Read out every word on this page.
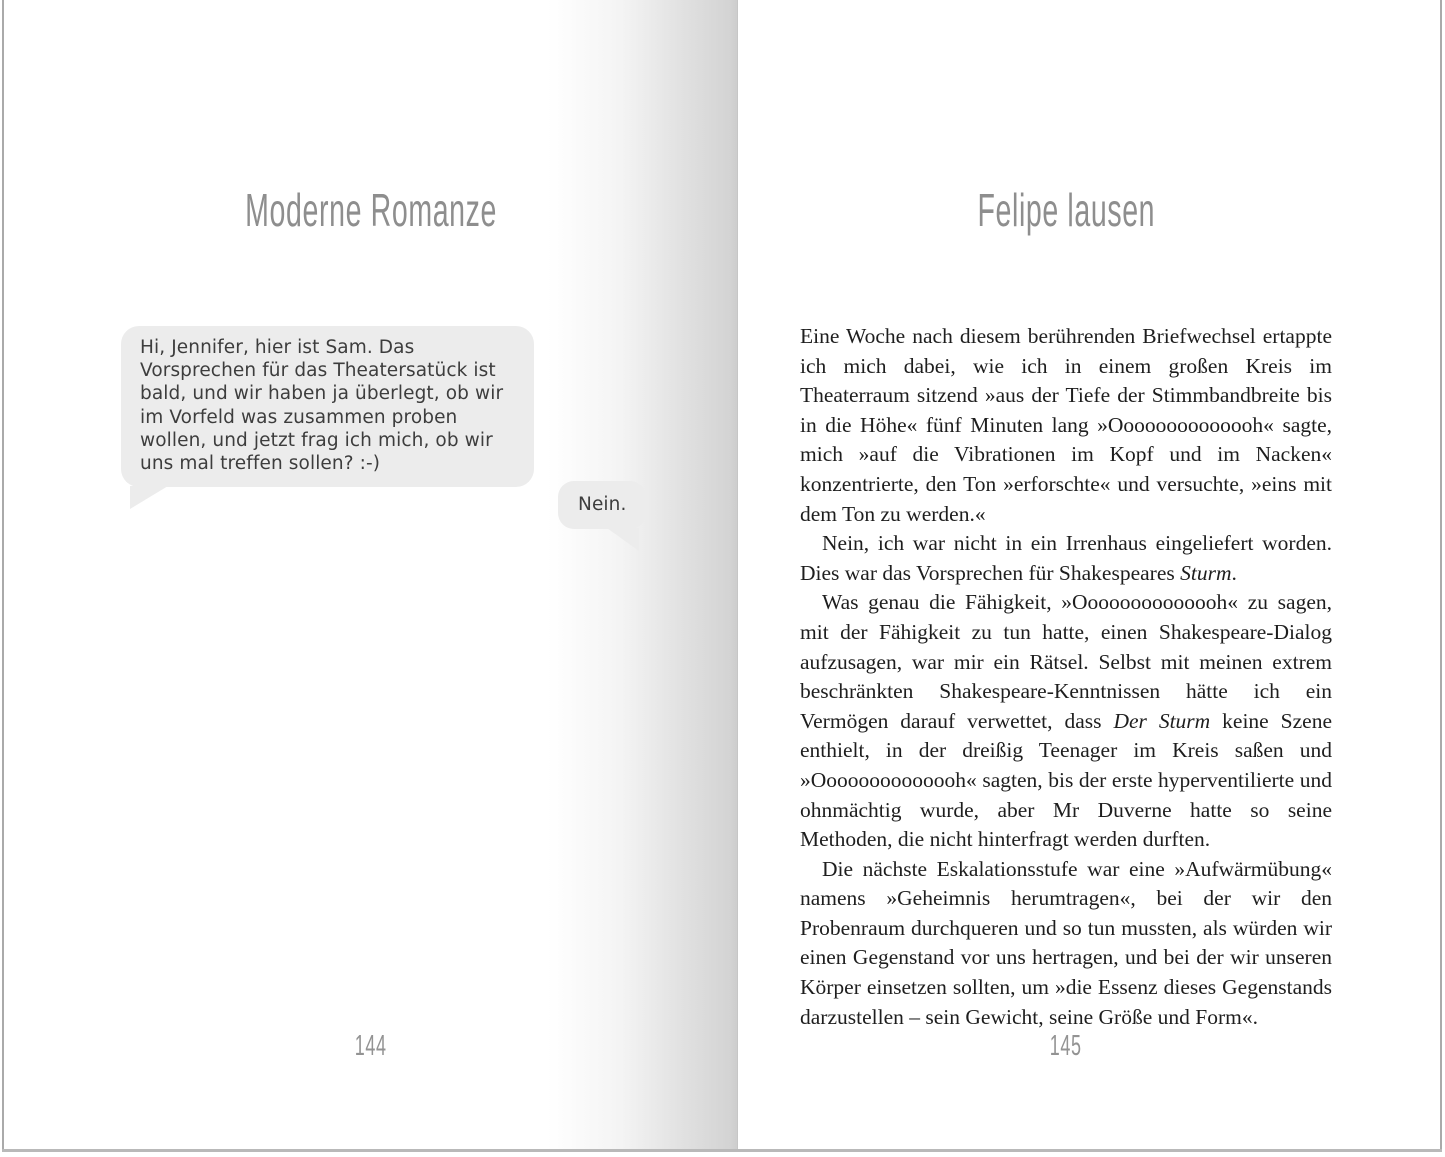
Moderne Romanze
Hi, Jennifer, hier ist Sam. Das Vorsprechen für das Theatersatück ist bald, und wir haben ja überlegt, ob wir im Vorfeld was zusammen proben wollen, und jetzt frag ich mich, ob wir uns mal treffen sollen? :-)
Nein.
144
Felipe lausen

Eine Woche nach diesem berührenden Briefwechsel ertappte ich mich dabei, wie ich in einem großen Kreis im Theaterraum sitzend »aus der Tiefe der Stimmbandbreite bis in die Höhe« fünf Minuten lang »Oooooooooooooh« sagte, mich »auf die Vibrationen im Kopf und im Nacken« konzentrierte, den Ton »erforschte« und versuchte, »eins mit dem Ton zu werden.«

Nein, ich war nicht in ein Irrenhaus eingeliefert worden. Dies war das Vorsprechen für Shakespeares Sturm.

Was genau die Fähigkeit, »Oooooooooooooh« zu sagen, mit der Fähigkeit zu tun hatte, einen Shakespeare-Dialog aufzusagen, war mir ein Rätsel. Selbst mit meinen extrem beschränkten Shakespeare-Kenntnissen hätte ich ein Vermögen darauf verwettet, dass Der Sturm keine Szene enthielt, in der dreißig Teenager im Kreis saßen und »Oooooooooooooh« sagten, bis der erste hyperventilierte und ohnmächtig wurde, aber Mr Duverne hatte so seine Methoden, die nicht hinterfragt werden durften.

Die nächste Eskalationsstufe war eine »Aufwärmübung« namens »Geheimnis herumtragen«, bei der wir den Probenraum durchqueren und so tun mussten, als würden wir einen Gegenstand vor uns hertragen, und bei der wir unseren Körper einsetzen sollten, um »die Essenz dieses Gegenstands darzustellen – sein Gewicht, seine Größe und Form«.

145
